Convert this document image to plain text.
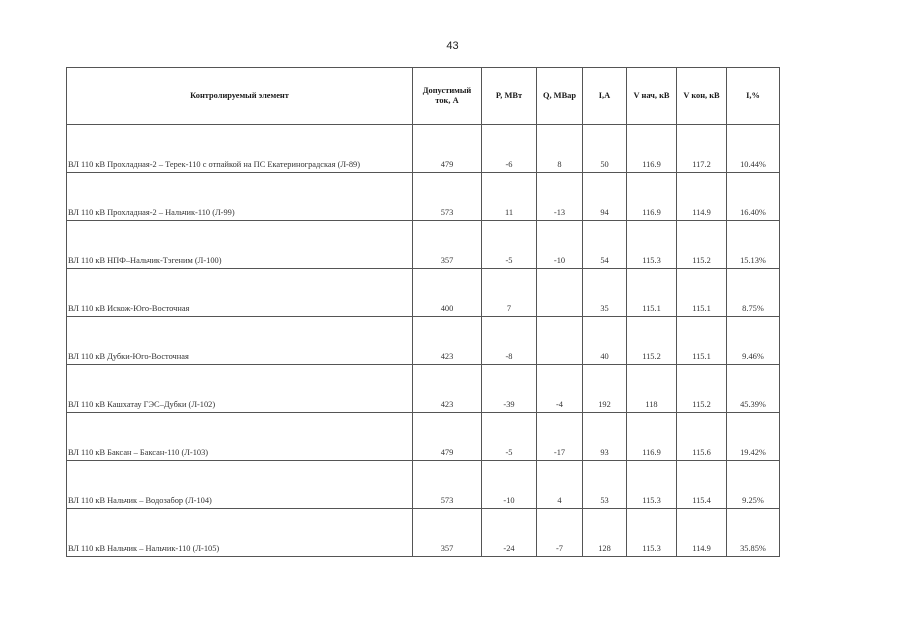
43
Контролируемый элемент	Допустимый ток, А	P, МВт	Q, МВар	I,А	V нач, кВ	V кон, кВ	I,%
ВЛ 110 кВ Прохладная-2 – Терек-110 с отпайкой на ПС Екатериноградская (Л-89)	479	-6	8	50	116.9	117.2	10.44%
ВЛ 110 кВ Прохладная-2 – Нальчик-110 (Л-99)	573	11	-13	94	116.9	114.9	16.40%
ВЛ 110 кВ НПФ–Нальчик-Тэгеним (Л-100)	357	-5	-10	54	115.3	115.2	15.13%
ВЛ 110 кВ Искож-Юго-Восточная	400	7		35	115.1	115.1	8.75%
ВЛ 110 кВ Дубки-Юго-Восточная	423	-8		40	115.2	115.1	9.46%
ВЛ 110 кВ Кашхатау ГЭС–Дубки (Л-102)	423	-39	-4	192	118	115.2	45.39%
ВЛ 110 кВ Баксан – Баксан-110 (Л-103)	479	-5	-17	93	116.9	115.6	19.42%
ВЛ 110 кВ Нальчик – Водозабор (Л-104)	573	-10	4	53	115.3	115.4	9.25%
ВЛ 110 кВ Нальчик – Нальчик-110 (Л-105)	357	-24	-7	128	115.3	114.9	35.85%
